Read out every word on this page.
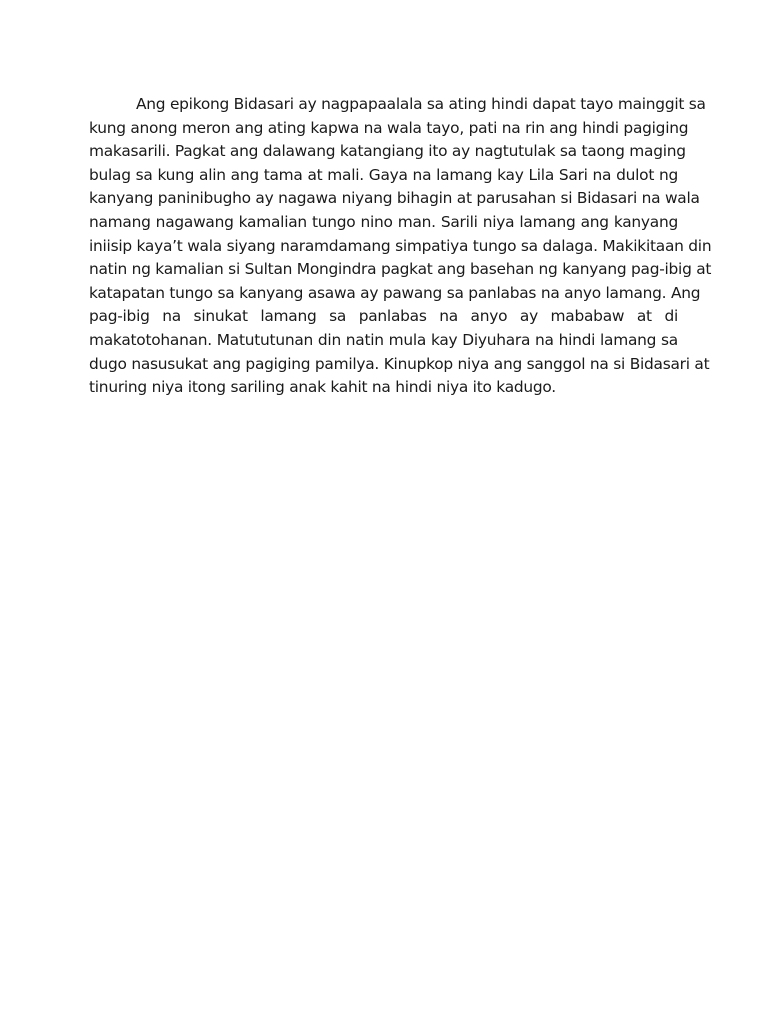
Ang epikong Bidasari ay nagpapaalala sa ating hindi dapat tayo mainggit sa
kung anong meron ang ating kapwa na wala tayo, pati na rin ang hindi pagiging
makasarili. Pagkat ang dalawang katangiang ito ay nagtutulak sa taong maging
bulag sa kung alin ang tama at mali. Gaya na lamang kay Lila Sari na dulot ng
kanyang paninibugho ay nagawa niyang bihagin at parusahan si Bidasari na wala
namang nagawang kamalian tungo nino man. Sarili niya lamang ang kanyang
iniisip kaya’t wala siyang naramdamang simpatiya tungo sa dalaga. Makikitaan din
natin ng kamalian si Sultan Mongindra pagkat ang basehan ng kanyang pag-ibig at
katapatan tungo sa kanyang asawa ay pawang sa panlabas na anyo lamang. Ang
pag-ibig na sinukat lamang sa panlabas na anyo ay mababaw at di
makatotohanan. Matututunan din natin mula kay Diyuhara na hindi lamang sa
dugo nasusukat ang pagiging pamilya. Kinupkop niya ang sanggol na si Bidasari at
tinuring niya itong sariling anak kahit na hindi niya ito kadugo.
